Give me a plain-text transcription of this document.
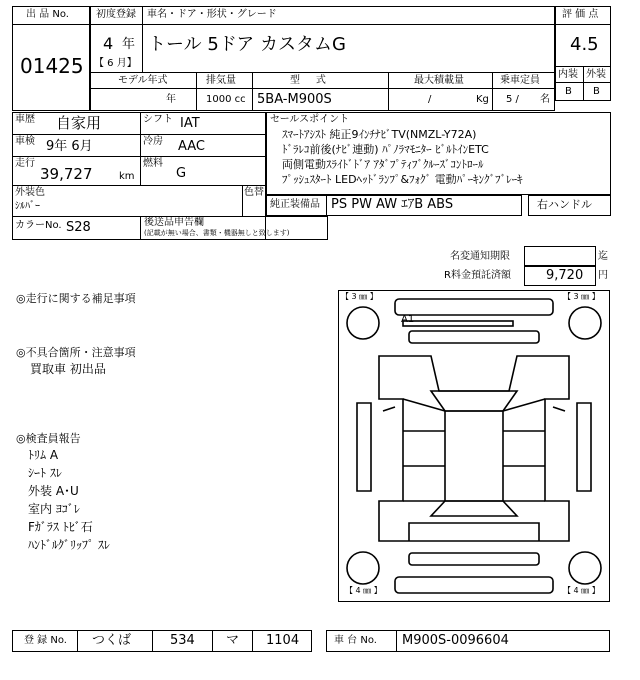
出 品 No.
01425
初度登録 車名・ドア・形状・グレード
4 年
【 6 月】
トール 5ドア カスタムG
モデル年式	排気量	型     式	最大積載量	乗車定員
年	1000 cc 5BA-M900S	/	Kg 5 / 名
評 価 点
4.5
内装 外装
B B
車歴 自家用	シフト IAT
車検 9年 6月	冷房 AAC
走行
39,727	km
燃料
G
外装色
ｼﾙﾊﾞｰ
色替
カラーNo. S28	後送品申告欄
(記載が無い場合、書類・機器無しと致します)
セールスポイント
ｽﾏｰﾄｱｼｽﾄ 純正9ｲﾝﾁﾅﾋﾞTV(NMZL-Y72A)
ﾄﾞﾗﾚｺ前後(ﾅﾋﾞ連動) ﾊﾟﾉﾗﾏﾓﾆﾀｰ ﾋﾞﾙﾄｲﾝETC
両側電動ｽﾗｲﾄﾞﾄﾞｱ ｱﾀﾞﾌﾟﾃｨﾌﾞｸﾙｰｽﾞｺﾝﾄﾛｰﾙ
ﾌﾟｯｼｭｽﾀｰﾄ LEDﾍｯﾄﾞﾗﾝﾌﾟ&ﾌｫｸﾞ 電動ﾊﾟｰｷﾝｸﾞﾌﾞﾚｰｷ
純正装備品 PS PW AW ｴｱB ABS	右ハンドル
名変通知期限	迄
R料金預託済額	9,720 円
◎走行に関する補足事項
◎不具合箇所・注意事項
買取車 初出品
◎検査員報告
ﾄﾘﾑ A
ｼｰﾄ ｽﾚ
外装 A･U
室内 ﾖｺﾞﾚ
Fｶﾞﾗｽ ﾄﾋﾞ石
ﾊﾝﾄﾞﾙｸﾞﾘｯﾌﾟ ｽﾚ
【 3 ㎜ 】	【 3 ㎜ 】
【 4 ㎜ 】	【 4 ㎜ 】
A1
登 録 No. つくば	534 マ 1104	車 台 No. M900S-0096604
